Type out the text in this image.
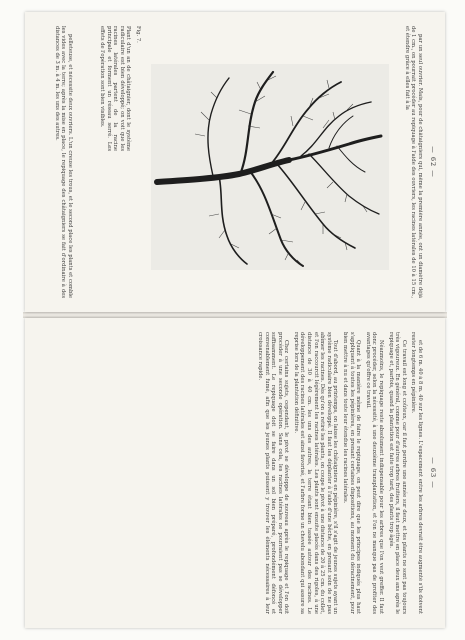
— 62 —

par un seul ouvrier. Mais, pour de châtaigniers qui, même la première année, ont un diamètre déjà de 1 cm., on pourrait procéder au repiquage à l'aide des ouvriers, les racines latérales de 10 à 15 cm., et étendre grâce à elles fait à la

Fig. 7.

Plant d'un an de châtaignier, dont le système radiculaire est bien développé; on voit que les racines latérales partent de la racine principale et forment un réseau serré. Les effets de l'opération sont bien visibles.

pelleteuse, et nécessite deux ouvriers. L'un creuse les trous, et le second place les plants et comble les vides avec la terre; après la mise en place, le repiquage des châtaigniers se fait d'ordinaire à des distances de 3 m. à 4 m. les uns des autres.

— 63 —

et de 6 m. 40 à 8 m. 40 sur les lignes. L'espacement entre les arbres devrait être augmenté s'ils doivent rester longtemps en pépinière.

Ce travail est long et coûteux, car il faut perdre une année sur deux, et les plants ne sont pas toujours très vigoureux. En général, comme pour d'autres arbres fruitiers, il faut mettre en place deux ans après le repiquage et, parfois, quand la plantation est faite trop tard, des plants trop âgés.

Néanmoins, le repiquage reste absolument indispensable pour les arbres que l'on veut greffer. Il faut donc procéder, selon la nécessité, à une deuxième transplantation, et l'on ne manque pas de profiter des avantages qu'offre ce travail.

Quant à la manière même de faire le repiquage, on peut dire que les principes indiqués plus haut s'appliquent à toutes les pépinières, en prenant certaines dispositions, au moment du déracinement, pour bien mettre à nu et dans toute leur étendue les racines latérales.

Tout d'abord, au printemps, on laisse les châtaigniers en pépinière, s'il s'agit de jeunes sujets ayant un système radiculaire bien développé. Il faut les déplanter à l'aide d'une bêche, en prenant soin de ne pas abîmer les racines. Dès qu'on a retiré les plants, on coupe le pivot à une distance de 20 à 25 cm. du collet, et l'on raccourcit légèrement les racines latérales. Les plants sont ensuite placés dans des rigoles, à une distance de 30 à 40 cm. les uns des autres, la terre étant bien tassée autour des racines. Le développement des racines latérales est ainsi favorisé, et l'arbre forme un chevelu abondant qui assure sa reprise lors de la plantation définitive.

Chez certains sujets, cependant, le pivot se développe de nouveau après le repiquage et l'on doit procéder à une seconde opération. Sans cela, les racines latérales ne pourraient pas se développer suffisamment. Le repiquage doit se faire dans un sol bien préparé, profondément défoncé et convenablement fumé, afin que les jeunes plants puissent y trouver les éléments nécessaires à leur croissance rapide.
